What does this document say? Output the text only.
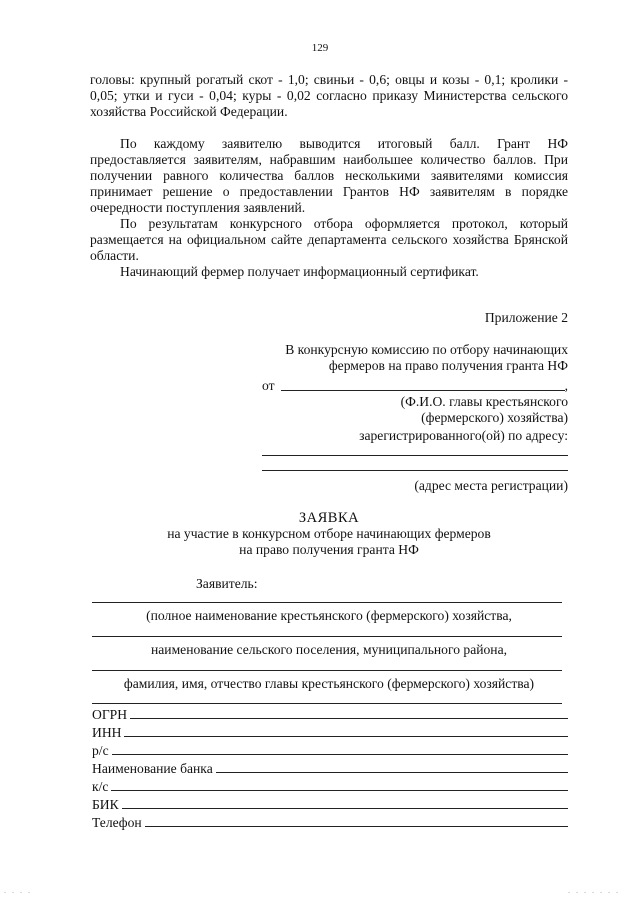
129

головы: крупный рогатый скот - 1,0; свиньи - 0,6; овцы и козы - 0,1; кролики - 0,05; утки и гуси - 0,04; куры - 0,02 согласно приказу Министерства сельского хозяйства Российской Федерации.

По каждому заявителю выводится итоговый балл. Грант НФ предоставляется заявителям, набравшим наибольшее количество баллов. При получении равного количества баллов несколькими заявителями комиссия принимает решение о предоставлении Грантов НФ заявителям в порядке очередности поступления заявлений.

По результатам конкурсного отбора оформляется протокол, который размещается на официальном сайте департамента сельского хозяйства Брянской области.

Начинающий фермер получает информационный сертификат.

Приложение 2
В конкурсную комиссию по отбору начинающих
фермеров на право получения гранта НФ
от	,
(Ф.И.О. главы крестьянского
(фермерского) хозяйства)
зарегистрированного(ой) по адресу:
(адрес места регистрации)
ЗАЯВКА
на участие в конкурсном отборе начинающих фермеров
на право получения гранта НФ
Заявитель:
(полное наименование крестьянского (фермерского) хозяйства,
наименование сельского поселения, муниципального района,
фамилия, имя, отчество главы крестьянского (фермерского) хозяйства)
ОГРН
ИНН
р/с
Наименование банка
к/с
БИК
Телефон
. . . .	. . . . . . .
